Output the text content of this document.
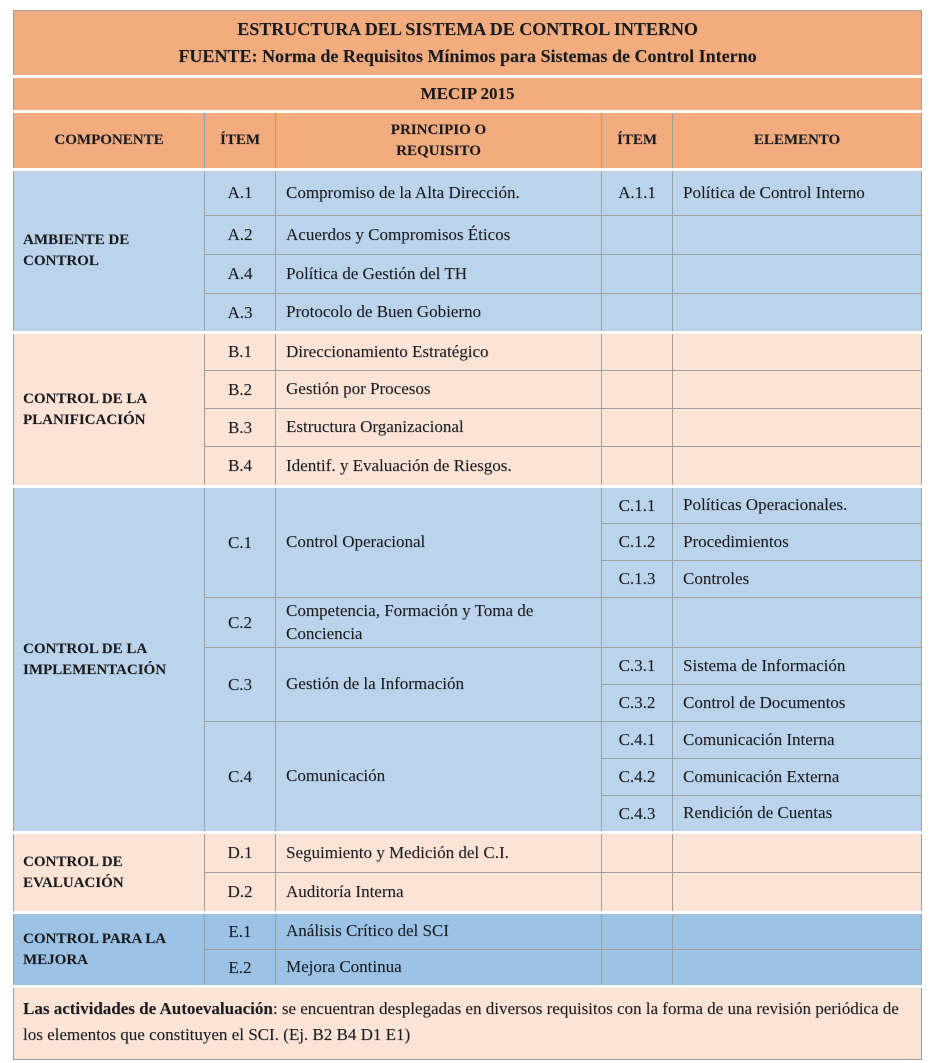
ESTRUCTURA DEL SISTEMA DE CONTROL INTERNO
FUENTE: Norma de Requisitos Mínimos para Sistemas de Control Interno				

MECIP 2015				
COMPONENTE	ÍTEM	PRINCIPIO O REQUISITO	ÍTEM	ELEMENTO
AMBIENTE DE CONTROL	A.1	Compromiso de la Alta Dirección.	A.1.1	Política de Control Interno
	A.2	Acuerdos y Compromisos Éticos		
	A.4	Política de Gestión del TH		
	A.3	Protocolo de Buen Gobierno		
CONTROL DE LA PLANIFICACIÓN	B.1	Direccionamiento Estratégico		
	B.2	Gestión por Procesos		
	B.3	Estructura Organizacional		
	B.4	Identif. y Evaluación de Riesgos.		
CONTROL DE LA IMPLEMENTACIÓN	C.1	Control Operacional	C.1.1	Políticas Operacionales.
			C.1.2	Procedimientos
			C.1.3	Controles
	C.2	Competencia, Formación y Toma de Conciencia		
	C.3	Gestión de la Información	C.3.1	Sistema de Información
			C.3.2	Control de Documentos
	C.4	Comunicación	C.4.1	Comunicación Interna
			C.4.2	Comunicación Externa
			C.4.3	Rendición de Cuentas
CONTROL DE EVALUACIÓN	D.1	Seguimiento y Medición del C.I.		
	D.2	Auditoría Interna		
CONTROL PARA LA MEJORA	E.1	Análisis Crítico del SCI		
	E.2	Mejora Continua		
Las actividades de Autoevaluación: se encuentran desplegadas en diversos requisitos con la forma de una revisión periódica de los elementos que constituyen el SCI. (Ej. B2 B4 D1 E1)				
